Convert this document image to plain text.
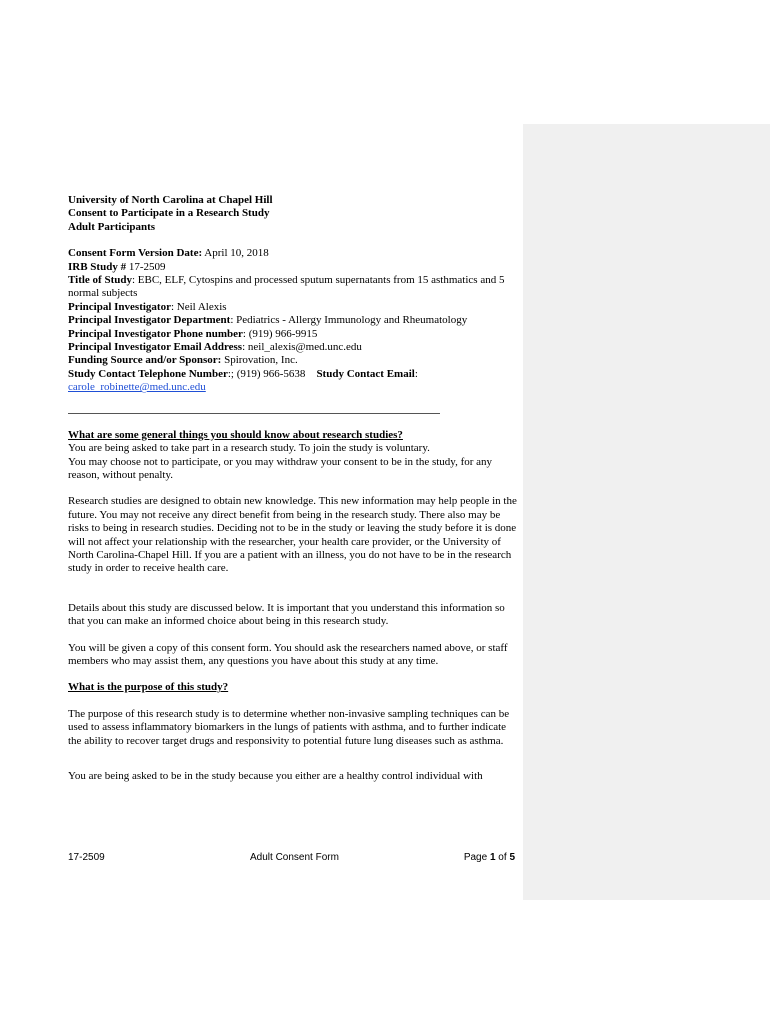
University of North Carolina at Chapel Hill

Consent to Participate in a Research Study

Adult Participants

Consent Form Version Date: April 10, 2018

IRB Study # 17-2509

Title of Study: EBC, ELF, Cytospins and processed sputum supernatants from 15 asthmatics and 5 normal subjects

Principal Investigator: Neil Alexis

Principal Investigator Department: Pediatrics - Allergy Immunology and Rheumatology

Principal Investigator Phone number: (919) 966-9915

Principal Investigator Email Address: neil_alexis@med.unc.edu

Funding Source and/or Sponsor: Spirovation, Inc.

Study Contact Telephone Number:; (919) 966-5638 Study Contact Email:

carole_robinette@med.unc.edu

What are some general things you should know about research studies?

You are being asked to take part in a research study. To join the study is voluntary.

You may choose not to participate, or you may withdraw your consent to be in the study, for any reason, without penalty.

Research studies are designed to obtain new knowledge. This new information may help people in the future. You may not receive any direct benefit from being in the research study. There also may be risks to being in research studies. Deciding not to be in the study or leaving the study before it is done will not affect your relationship with the researcher, your health care provider, or the University of North Carolina-Chapel Hill. If you are a patient with an illness, you do not have to be in the research study in order to receive health care.

Details about this study are discussed below. It is important that you understand this information so that you can make an informed choice about being in this research study.

You will be given a copy of this consent form. You should ask the researchers named above, or staff members who may assist them, any questions you have about this study at any time.

What is the purpose of this study?

The purpose of this research study is to determine whether non-invasive sampling techniques can be used to assess inflammatory biomarkers in the lungs of patients with asthma, and to further indicate the ability to recover target drugs and responsivity to potential future lung diseases such as asthma.

You are being asked to be in the study because you either are a healthy control individual with

17-2509	Adult Consent Form	Page 1 of 5
